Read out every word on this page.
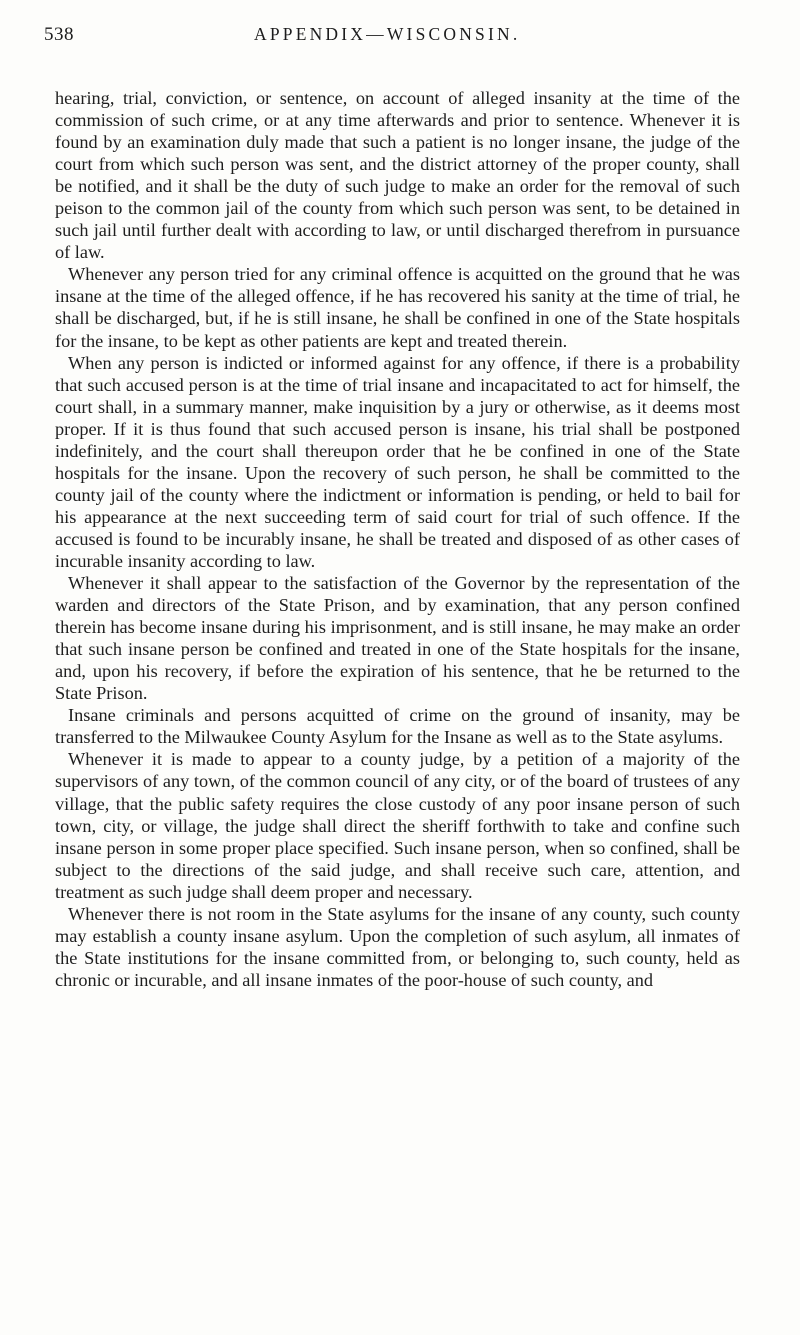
538	APPENDIX—WISCONSIN.

hearing, trial, conviction, or sentence, on account of alleged insanity at the time of the commission of such crime, or at any time afterwards and prior to sentence. Whenever it is found by an examination duly made that such a patient is no longer insane, the judge of the court from which such person was sent, and the district attorney of the proper county, shall be notified, and it shall be the duty of such judge to make an order for the removal of such peison to the common jail of the county from which such person was sent, to be detained in such jail until further dealt with according to law, or until discharged therefrom in pursuance of law.

Whenever any person tried for any criminal offence is acquitted on the ground that he was insane at the time of the alleged offence, if he has recovered his sanity at the time of trial, he shall be discharged, but, if he is still insane, he shall be confined in one of the State hospitals for the insane, to be kept as other patients are kept and treated therein.

When any person is indicted or informed against for any offence, if there is a probability that such accused person is at the time of trial insane and incapacitated to act for himself, the court shall, in a summary manner, make inquisition by a jury or otherwise, as it deems most proper. If it is thus found that such accused person is insane, his trial shall be postponed indefinitely, and the court shall thereupon order that he be confined in one of the State hospitals for the insane. Upon the recovery of such person, he shall be committed to the county jail of the county where the indictment or information is pending, or held to bail for his appearance at the next succeeding term of said court for trial of such offence. If the accused is found to be incurably insane, he shall be treated and disposed of as other cases of incurable insanity according to law.

Whenever it shall appear to the satisfaction of the Governor by the representation of the warden and directors of the State Prison, and by examination, that any person confined therein has become insane during his imprisonment, and is still insane, he may make an order that such insane person be confined and treated in one of the State hospitals for the insane, and, upon his recovery, if before the expiration of his sentence, that he be returned to the State Prison.

Insane criminals and persons acquitted of crime on the ground of insanity, may be transferred to the Milwaukee County Asylum for the Insane as well as to the State asylums.

Whenever it is made to appear to a county judge, by a petition of a majority of the supervisors of any town, of the common council of any city, or of the board of trustees of any village, that the public safety requires the close custody of any poor insane person of such town, city, or village, the judge shall direct the sheriff forthwith to take and confine such insane person in some proper place specified. Such insane person, when so confined, shall be subject to the directions of the said judge, and shall receive such care, attention, and treatment as such judge shall deem proper and necessary.

Whenever there is not room in the State asylums for the insane of any county, such county may establish a county insane asylum. Upon the completion of such asylum, all inmates of the State institutions for the insane committed from, or belonging to, such county, held as chronic or incurable, and all insane inmates of the poor-house of such county, and
